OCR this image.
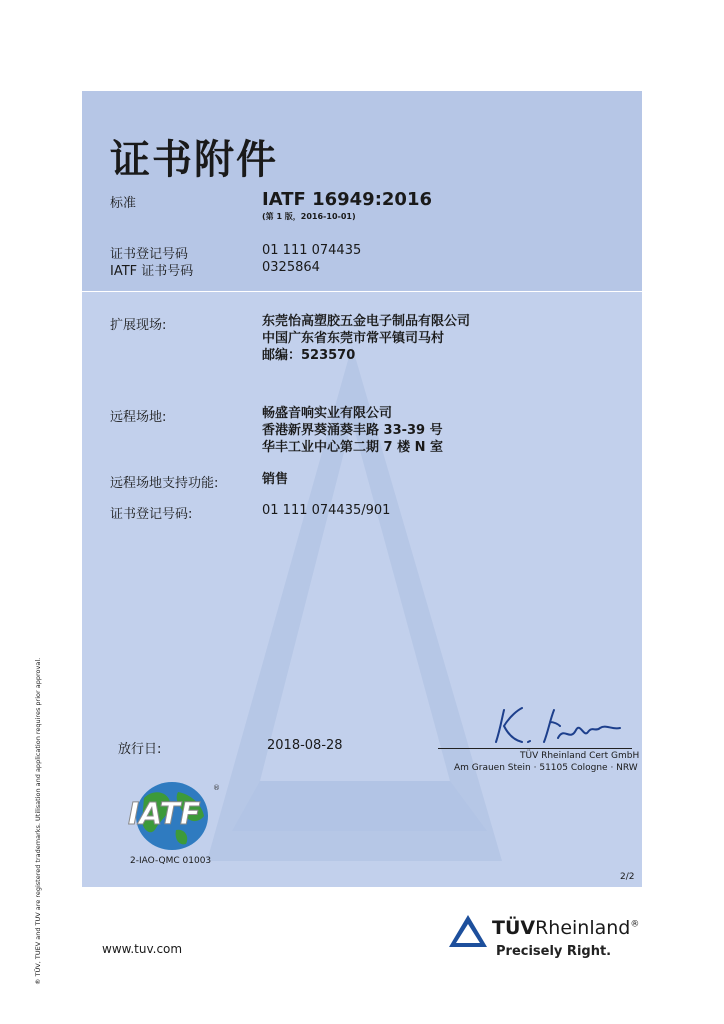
证书附件
标准	IATF 16949:2016
(第 1 版，2016-10-01)
证书登记号码	01 111 074435
IATF 证书号码	0325864
扩展现场:	东莞怡高塑胶五金电子制品有限公司
中国广东省东莞市常平镇司马村
邮编：523570
远程场地:	畅盛音响实业有限公司
香港新界葵涌葵丰路 33-39 号
华丰工业中心第二期 7 楼 N 室
远程场地支持功能:	销售
证书登记号码:	01 111 074435/901
放行日:	2018-08-28
TÜV Rheinland Cert GmbH
Am Grauen Stein · 51105 Cologne · NRW
IATF
®
2-IAO-QMC 01003
2/2
www.tuv.com
TÜVRheinland®
Precisely Right.
® TÜV, TUEV and TUV are registered trademarks. Utilisation and application requires prior approval.
